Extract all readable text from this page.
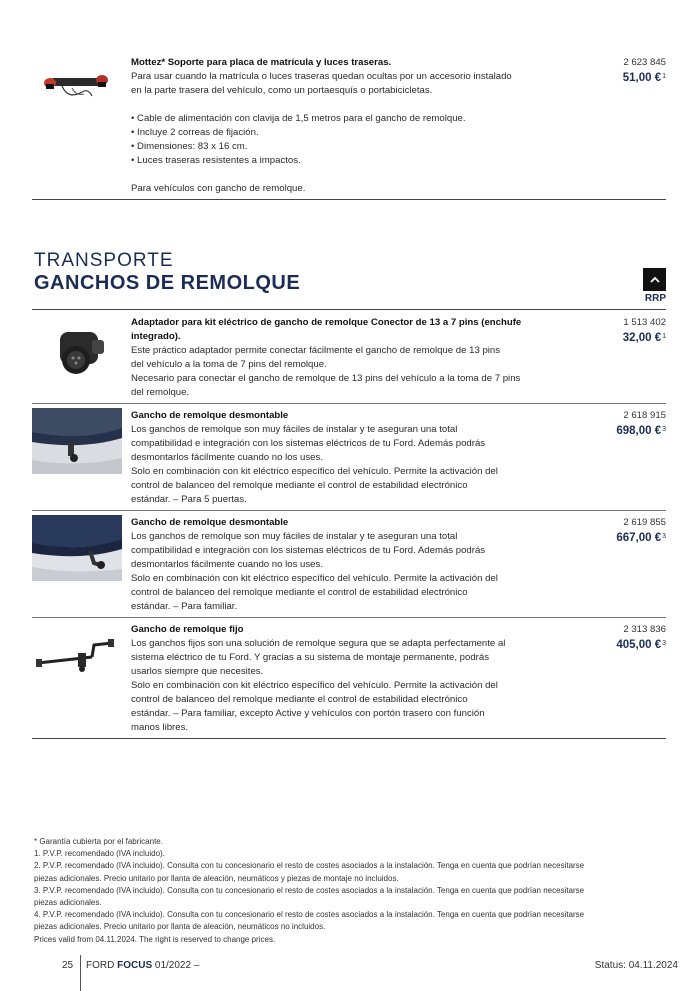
Mottez* Soporte para placa de matrícula y luces traseras.
Para usar cuando la matrícula o luces traseras quedan ocultas por un accesorio instalado
en la parte trasera del vehículo, como un portaesquís o portabicicletas.
• Cable de alimentación con clavija de 1,5 metros para el gancho de remolque.
• Incluye 2 correas de fijación.
• Dimensiones: 83 x 16 cm.
• Luces traseras resistentes a impactos.
Para vehículos con gancho de remolque.
2 623 845
51,00 €$^1$
TRANSPORTE
GANCHOS DE REMOLQUE
RRP
Adaptador para kit eléctrico de gancho de remolque Conector de 13 a 7 pins (enchufe integrado).
Este práctico adaptador permite conectar fácilmente el gancho de remolque de 13 pins
del vehículo a la toma de 7 pins del remolque.
Necesario para conectar el gancho de remolque de 13 pins del vehículo a la toma de 7 pins
del remolque.
1 513 402
32,00 €$^1$
Gancho de remolque desmontable
Los ganchos de remolque son muy fáciles de instalar y te aseguran una total
compatibilidad e integración con los sistemas eléctricos de tu Ford. Además podrás
desmontarlos fácilmente cuando no los uses.
Solo en combinación con kit eléctrico específico del vehículo. Permite la activación del
control de balanceo del remolque mediante el control de estabilidad electrónico
estándar. – Para 5 puertas.
2 618 915
698,00 €$^3$
Gancho de remolque desmontable
Los ganchos de remolque son muy fáciles de instalar y te aseguran una total
compatibilidad e integración con los sistemas eléctricos de tu Ford. Además podrás
desmontarlos fácilmente cuando no los uses.
Solo en combinación con kit eléctrico específico del vehículo. Permite la activación del
control de balanceo del remolque mediante el control de estabilidad electrónico
estándar. – Para familiar.
2 619 855
667,00 €$^3$
Gancho de remolque fijo
Los ganchos fijos son una solución de remolque segura que se adapta perfectamente al
sistema eléctrico de tu Ford. Y gracias a su sistema de montaje permanente, podrás
usarlos siempre que necesites.
Solo en combinación con kit eléctrico específico del vehículo. Permite la activación del
control de balanceo del remolque mediante el control de estabilidad electrónico
estándar. – Para familiar, excepto Active y vehículos con portón trasero con función
manos libres.
2 313 836
405,00 €$^3$
* Garantía cubierta por el fabricante.
1. P.V.P. recomendado (IVA incluido).
2. P.V.P. recomendado (IVA incluido). Consulta con tu concesionario el resto de costes asociados a la instalación. Tenga en cuenta que podrían necesitarse
piezas adicionales. Precio unitario por llanta de aleación, neumáticos y piezas de montaje no incluidos.
3. P.V.P. recomendado (IVA incluido). Consulta con tu concesionario el resto de costes asociados a la instalación. Tenga en cuenta que podrían necesitarse
piezas adicionales.
4. P.V.P. recomendado (IVA incluido). Consulta con tu concesionario el resto de costes asociados a la instalación. Tenga en cuenta que podrían necesitarse
piezas adicionales. Precio unitario por llanta de aleación, neumáticos no incluidos.
Prices valid from 04.11.2024. The right is reserved to change prices.
25 FORD FOCUS 01/2022 –	Status: 04.11.2024
